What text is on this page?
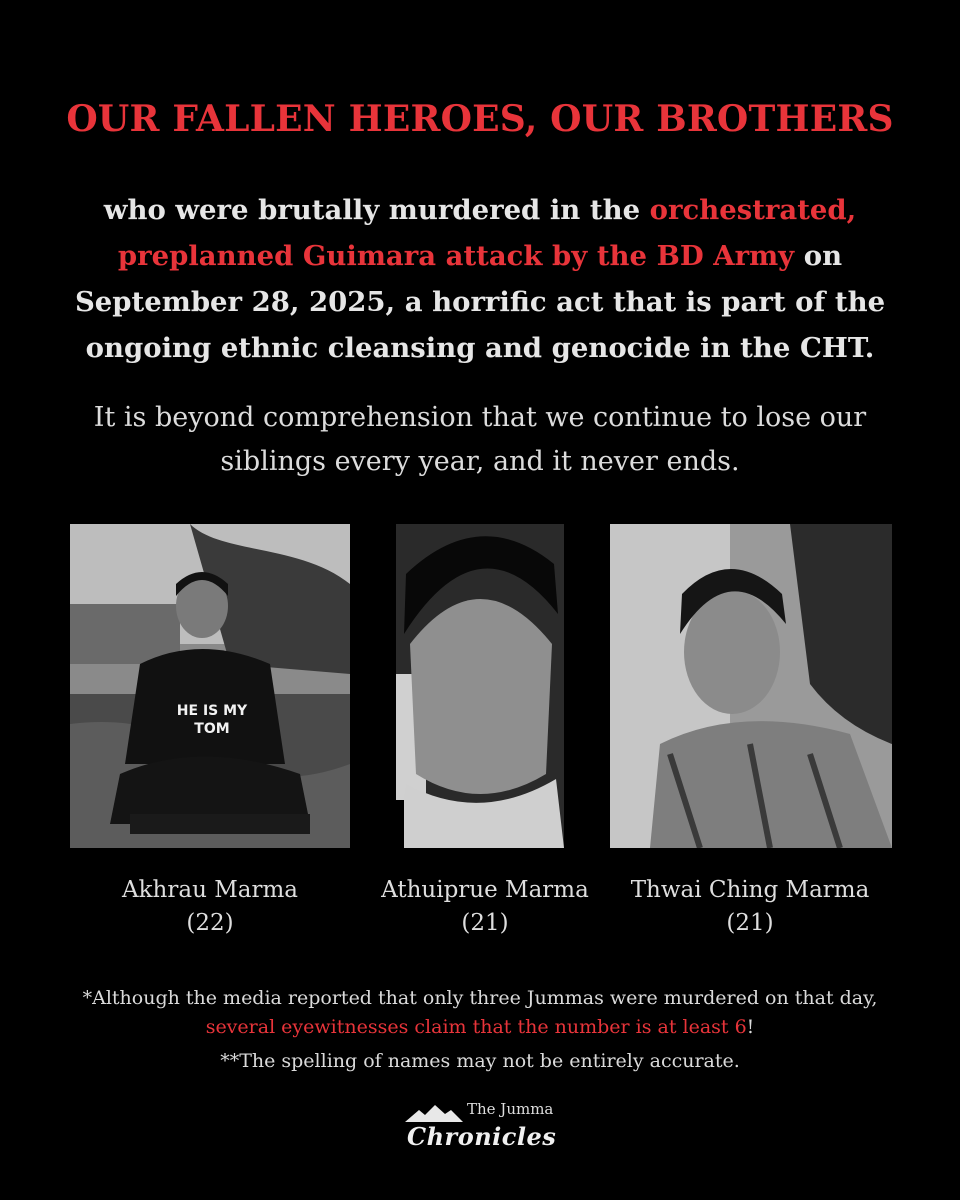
OUR FALLEN HEROES, OUR BROTHERS

who were brutally murdered in the orchestrated, preplanned Guimara attack by the BD Army on September 28, 2025, a horrific act that is part of the ongoing ethnic cleansing and genocide in the CHT.

It is beyond comprehension that we continue to lose our siblings every year, and it never ends.

HE IS MY TOM
Akhrau Marma
(22)
Athuiprue Marma
(21)
Thwai Ching Marma
(21)

*Although the media reported that only three Jummas were murdered on that day, several eyewitnesses claim that the number is at least 6!

**The spelling of names may not be entirely accurate.

The Jumma
Chronicles
